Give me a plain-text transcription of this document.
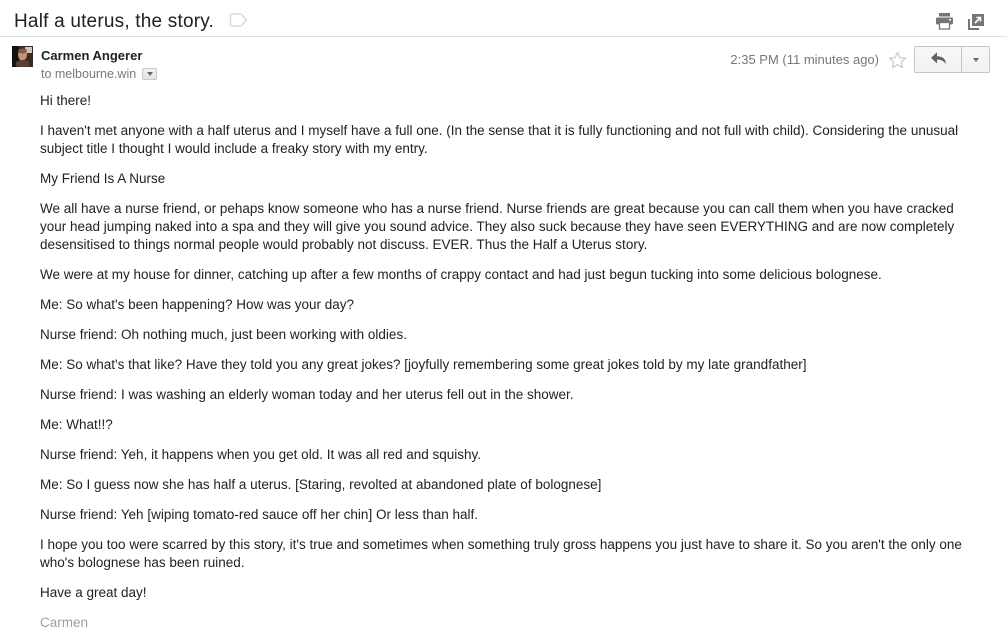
Half a uterus, the story.
Carmen Angerer
to melbourne.win
2:35 PM (11 minutes ago)
Hi there!
I haven't met anyone with a half uterus and I myself have a full one. (In the sense that it is fully functioning and not full with child). Considering the unusual subject title I thought I would include a freaky story with my entry.
My Friend Is A Nurse
We all have a nurse friend, or pehaps know someone who has a nurse friend. Nurse friends are great because you can call them when you have cracked your head jumping naked into a spa and they will give you sound advice. They also suck because they have seen EVERYTHING and are now completely desensitised to things normal people would probably not discuss. EVER. Thus the Half a Uterus story.
We were at my house for dinner, catching up after a few months of crappy contact and had just begun tucking into some delicious bolognese.
Me: So what's been happening? How was your day?
Nurse friend: Oh nothing much, just been working with oldies.
Me: So what's that like? Have they told you any great jokes? [joyfully remembering some great jokes told by my late grandfather]
Nurse friend: I was washing an elderly woman today and her uterus fell out in the shower.
Me: What!!?
Nurse friend: Yeh, it happens when you get old. It was all red and squishy.
Me: So I guess now she has half a uterus. [Staring, revolted at abandoned plate of bolognese]
Nurse friend: Yeh [wiping tomato-red sauce off her chin] Or less than half.
I hope you too were scarred by this story, it's true and sometimes when something truly gross happens you just have to share it. So you aren't the only one who's bolognese has been ruined.
Have a great day!
Carmen
